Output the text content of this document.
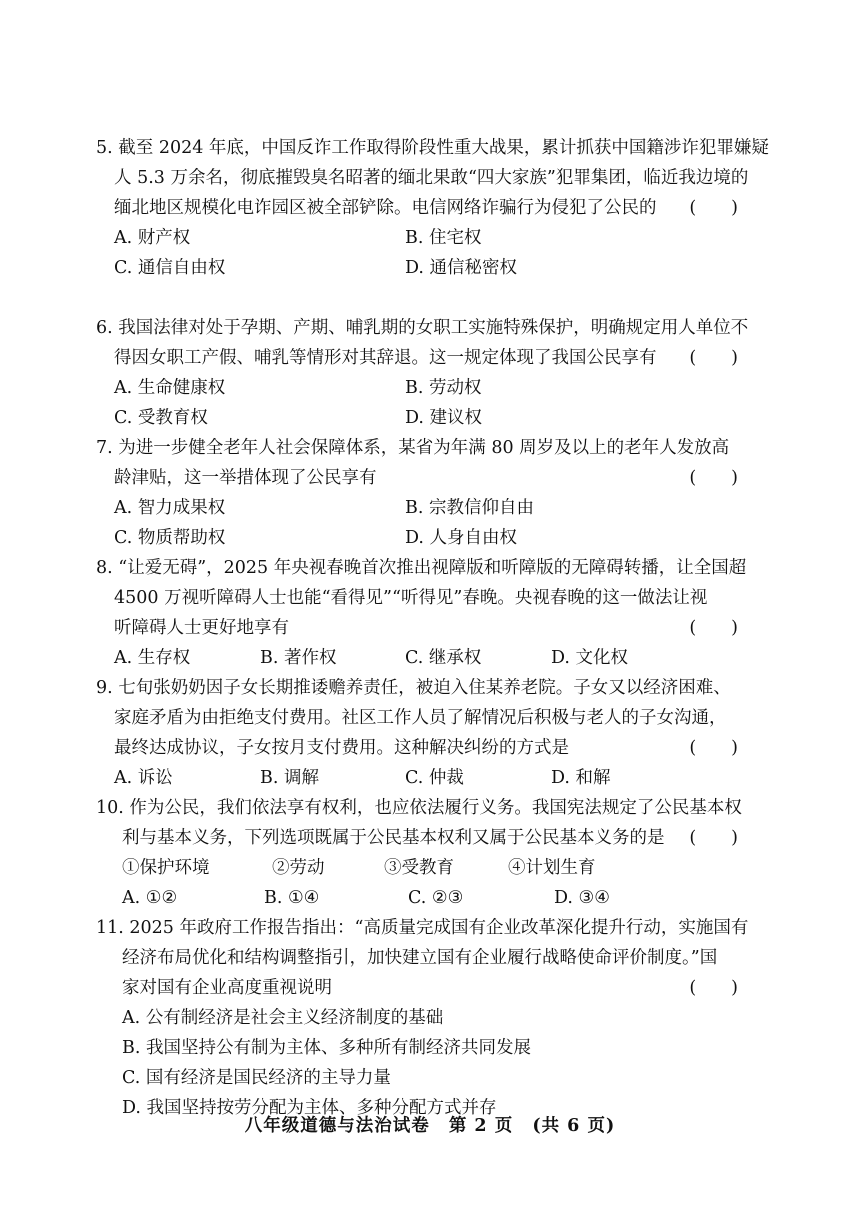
5. 截至 2024 年底，中国反诈工作取得阶段性重大战果，累计抓获中国籍涉诈犯罪嫌疑
人 5.3 万余名，彻底摧毁臭名昭著的缅北果敢“四大家族”犯罪集团，临近我边境的
缅北地区规模化电诈园区被全部铲除。电信网络诈骗行为侵犯了公民的 (　　)
A. 财产权	B. 住宅权
C. 通信自由权	D. 通信秘密权
6. 我国法律对处于孕期、产期、哺乳期的女职工实施特殊保护，明确规定用人单位不
得因女职工产假、哺乳等情形对其辞退。这一规定体现了我国公民享有 (　　)
A. 生命健康权	B. 劳动权
C. 受教育权	D. 建议权
7. 为进一步健全老年人社会保障体系，某省为年满 80 周岁及以上的老年人发放高
龄津贴，这一举措体现了公民享有	(　　)
A. 智力成果权	B. 宗教信仰自由
C. 物质帮助权	D. 人身自由权
8. “让爱无碍”，2025 年央视春晚首次推出视障版和听障版的无障碍转播，让全国超
4500 万视听障碍人士也能“看得见”“听得见”春晚。央视春晚的这一做法让视
听障碍人士更好地享有	(　　)
A. 生存权	B. 著作权	C. 继承权	D. 文化权
9. 七旬张奶奶因子女长期推诿赡养责任，被迫入住某养老院。子女又以经济困难、
家庭矛盾为由拒绝支付费用。社区工作人员了解情况后积极与老人的子女沟通，
最终达成协议，子女按月支付费用。这种解决纠纷的方式是	(　　)
A. 诉讼	B. 调解	C. 仲裁	D. 和解
10. 作为公民，我们依法享有权利，也应依法履行义务。我国宪法规定了公民基本权
利与基本义务，下列选项既属于公民基本权利又属于公民基本义务的是 (　　)
①保护环境	②劳动	③受教育	④计划生育
A. ①②	B. ①④	C. ②③	D. ③④
11. 2025 年政府工作报告指出：“高质量完成国有企业改革深化提升行动，实施国有
经济布局优化和结构调整指引，加快建立国有企业履行战略使命评价制度。”国
家对国有企业高度重视说明	(　　)
A. 公有制经济是社会主义经济制度的基础
B. 我国坚持公有制为主体、多种所有制经济共同发展
C. 国有经济是国民经济的主导力量
D. 我国坚持按劳分配为主体、多种分配方式并存
八年级道德与法治试卷 第 2 页 (共 6 页)
